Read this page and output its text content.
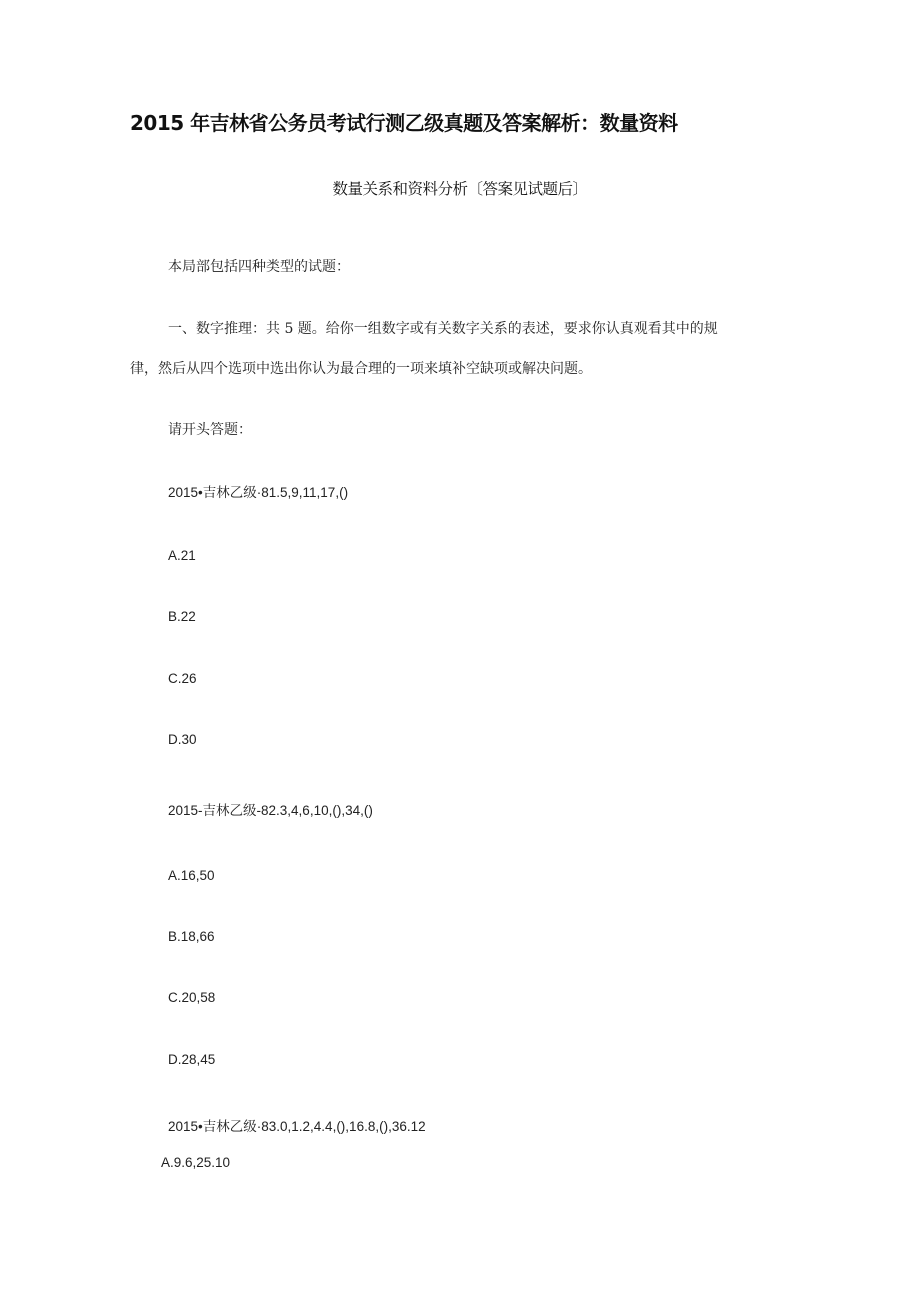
2015 年吉林省公务员考试行测乙级真题及答案解析：数量资料
数量关系和资料分析〔答案见试题后〕
本局部包括四种类型的试题：
一、数字推理：共 5 题。给你一组数字或有关数字关系的表述，要求你认真观看其中的规
律，然后从四个选项中选出你认为最合理的一项来填补空缺项或解决问题。
请开头答题：
2015•吉林乙级·81.5,9,11,17,()
A.21
B.22
C.26
D.30
2015-吉林乙级-82.3,4,6,10,(),34,()
A.16,50
B.18,66
C.20,58
D.28,45
2015•吉林乙级·83.0,1.2,4.4,(),16.8,(),36.12
A.9.6,25.10
